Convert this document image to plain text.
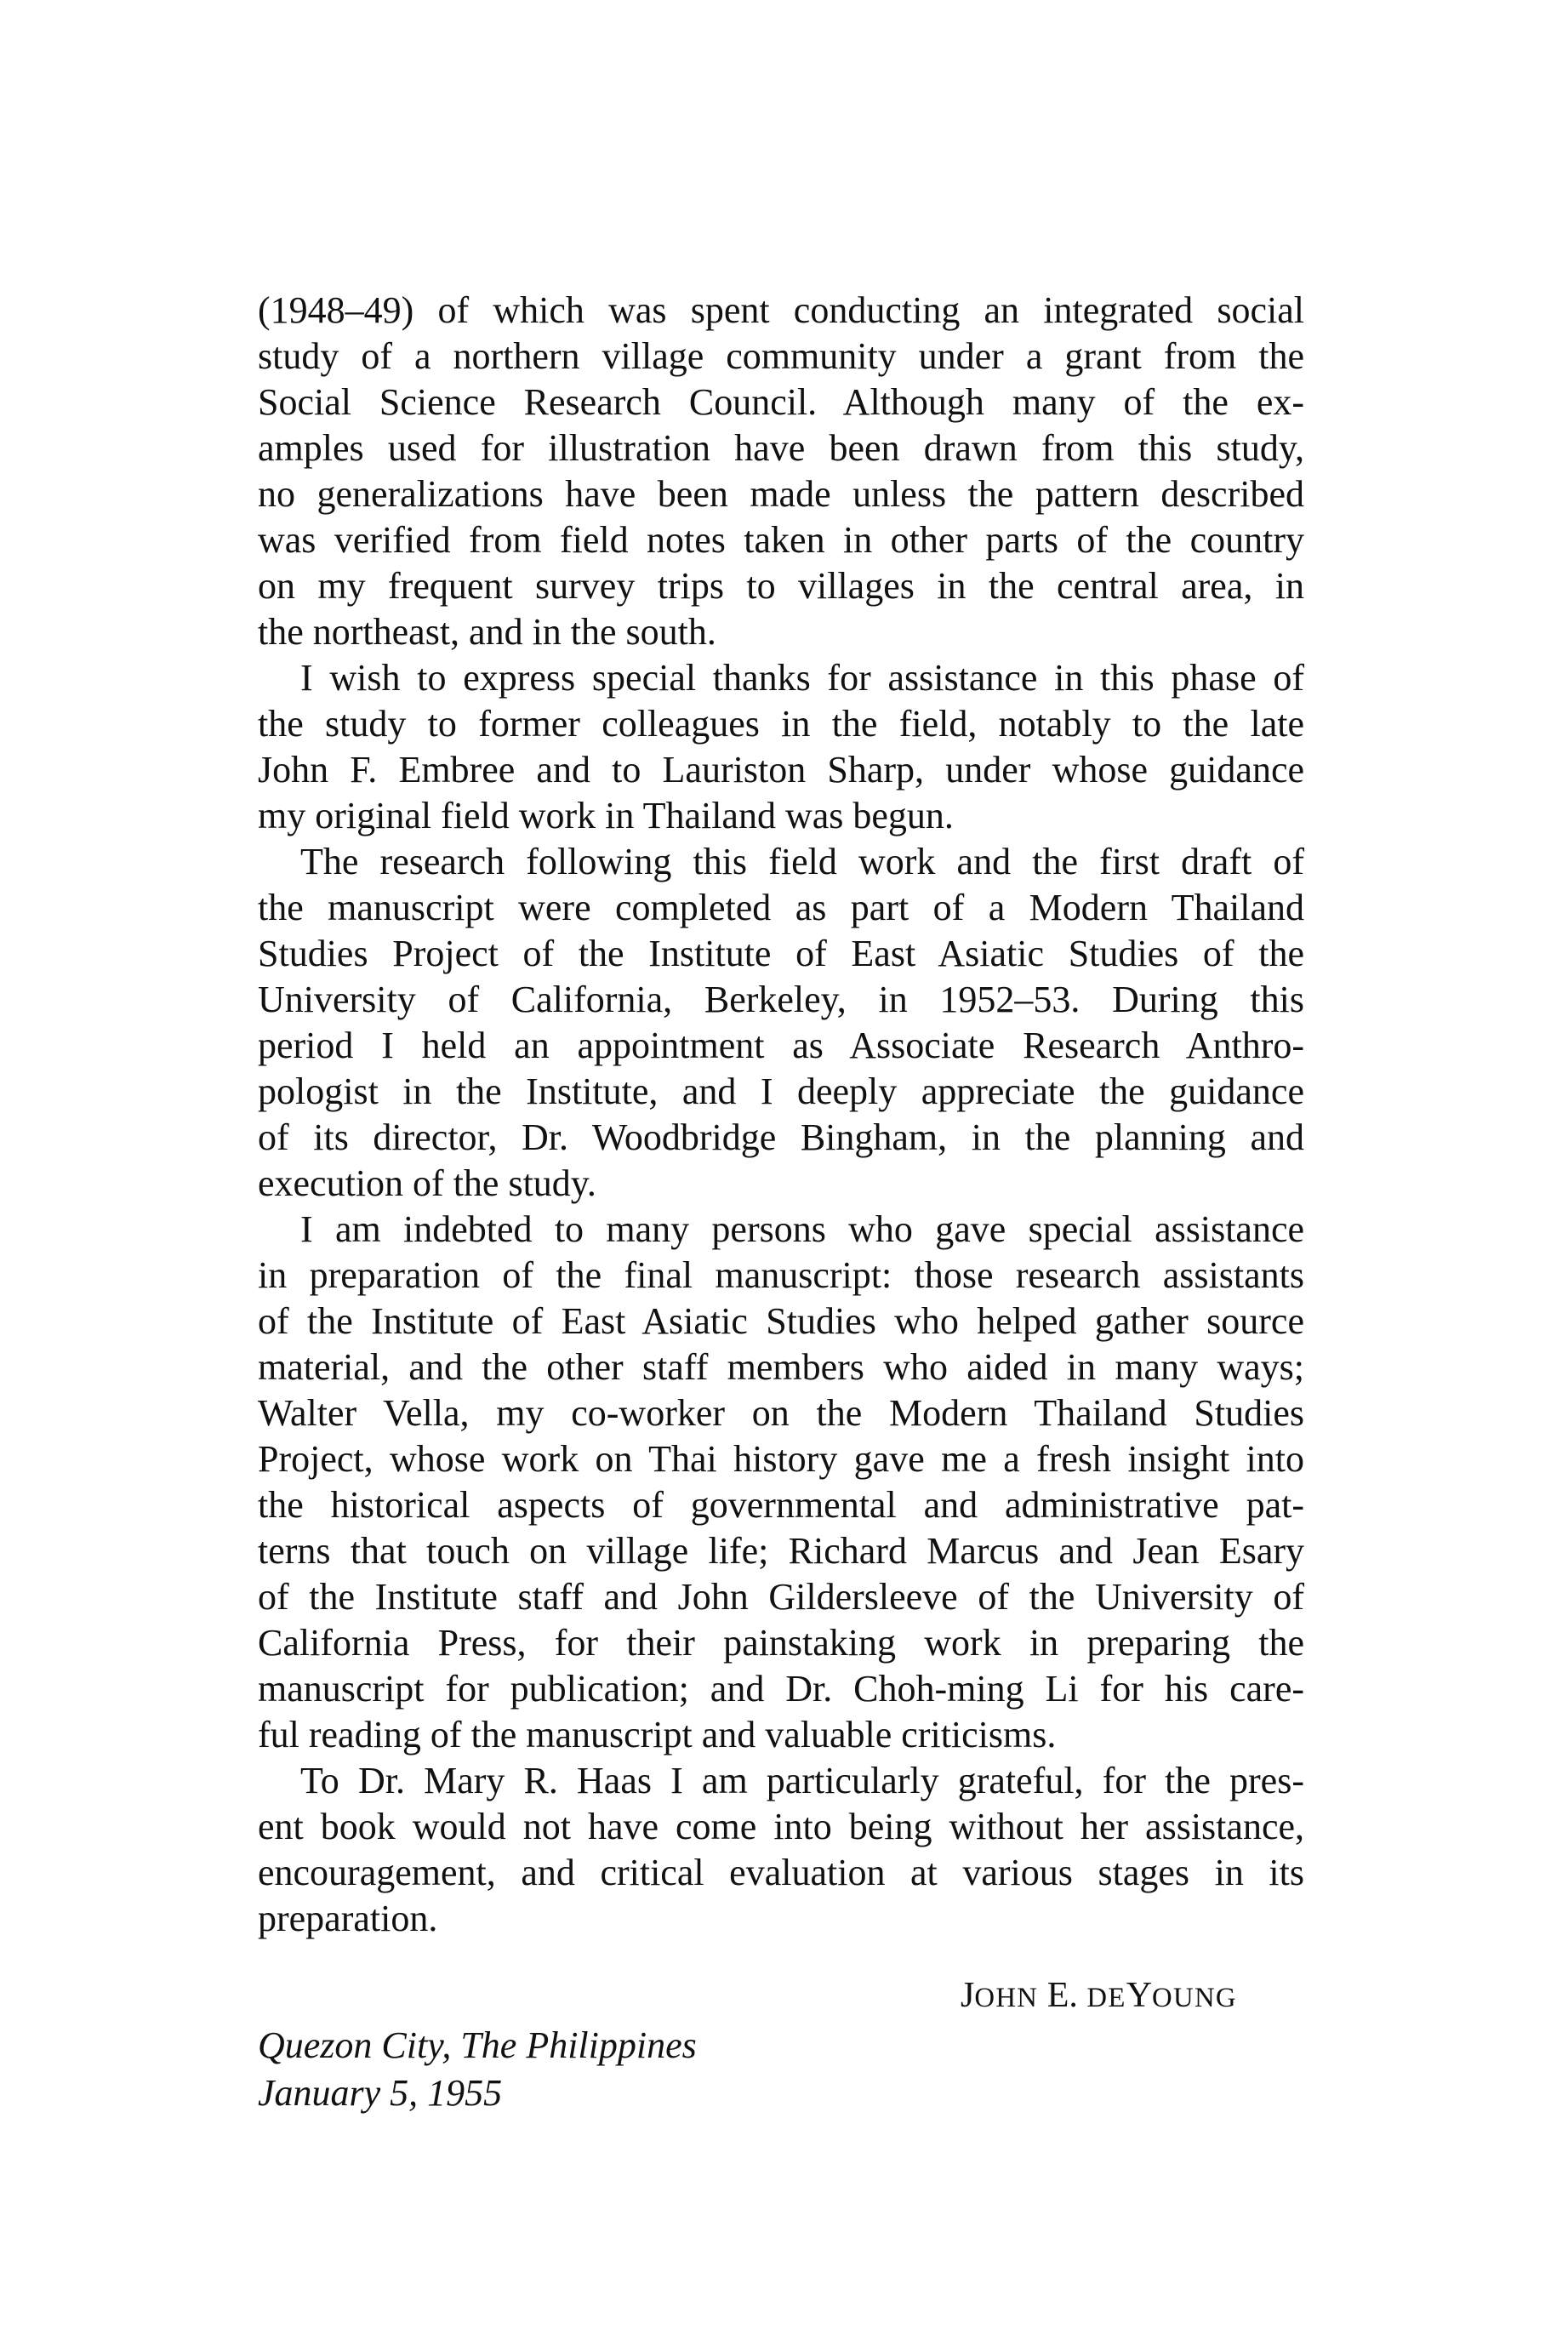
(1948–49) of which was spent conducting an integrated social
study of a northern village community under a grant from the
Social Science Research Council. Although many of the ex-
amples used for illustration have been drawn from this study,
no generalizations have been made unless the pattern described
was verified from field notes taken in other parts of the country
on my frequent survey trips to villages in the central area, in
the northeast, and in the south.
I wish to express special thanks for assistance in this phase of
the study to former colleagues in the field, notably to the late
John F. Embree and to Lauriston Sharp, under whose guidance
my original field work in Thailand was begun.
The research following this field work and the first draft of
the manuscript were completed as part of a Modern Thailand
Studies Project of the Institute of East Asiatic Studies of the
University of California, Berkeley, in 1952–53. During this
period I held an appointment as Associate Research Anthro-
pologist in the Institute, and I deeply appreciate the guidance
of its director, Dr. Woodbridge Bingham, in the planning and
execution of the study.
I am indebted to many persons who gave special assistance
in preparation of the final manuscript: those research assistants
of the Institute of East Asiatic Studies who helped gather source
material, and the other staff members who aided in many ways;
Walter Vella, my co-worker on the Modern Thailand Studies
Project, whose work on Thai history gave me a fresh insight into
the historical aspects of governmental and administrative pat-
terns that touch on village life; Richard Marcus and Jean Esary
of the Institute staff and John Gildersleeve of the University of
California Press, for their painstaking work in preparing the
manuscript for publication; and Dr. Choh-ming Li for his care-
ful reading of the manuscript and valuable criticisms.
To Dr. Mary R. Haas I am particularly grateful, for the pres-
ent book would not have come into being without her assistance,
encouragement, and critical evaluation at various stages in its
preparation.
JOHN E. DEYOUNG
Quezon City, The Philippines
January 5, 1955
